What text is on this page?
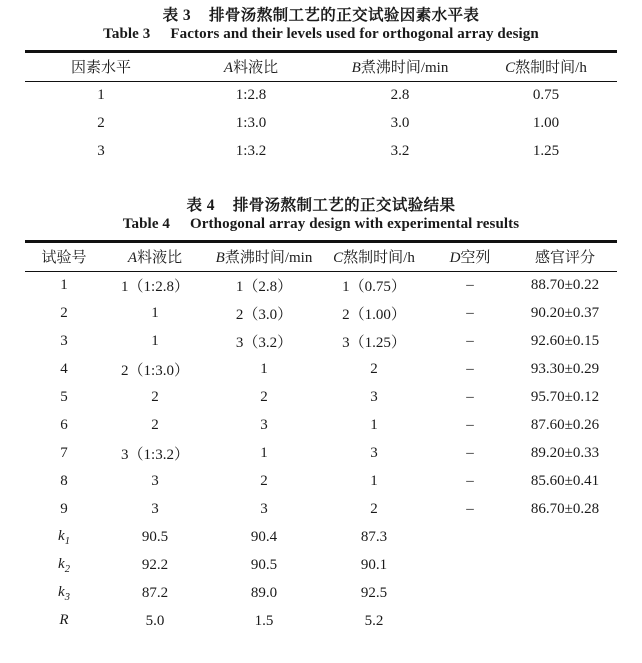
表 3 排骨汤熬制工艺的正交试验因素水平表
Table 3 Factors and their levels used for orthogonal array design
因素水平	A料液比	B煮沸时间/min	C熬制时间/h
1	1:2.8	2.8	0.75
2	1:3.0	3.0	1.00
3	1:3.2	3.2	1.25

表 4 排骨汤熬制工艺的正交试验结果
Table 4 Orthogonal array design with experimental results
试验号	A料液比	B煮沸时间/min	C熬制时间/h	D空列	感官评分
1	1（1:2.8）	1（2.8）	1（0.75）	–	88.70±0.22
2	1	2（3.0）	2（1.00）	–	90.20±0.37
3	1	3（3.2）	3（1.25）	–	92.60±0.15
4	2（1:3.0）	1	2	–	93.30±0.29
5	2	2	3	–	95.70±0.12
6	2	3	1	–	87.60±0.26
7	3（1:3.2）	1	3	–	89.20±0.33
8	3	2	1	–	85.60±0.41
9	3	3	2	–	86.70±0.28
$k_1$	90.5	90.4	87.3		
$k_2$	92.2	90.5	90.1		
$k_3$	87.2	89.0	92.5		
R	5.0	1.5	5.2		
